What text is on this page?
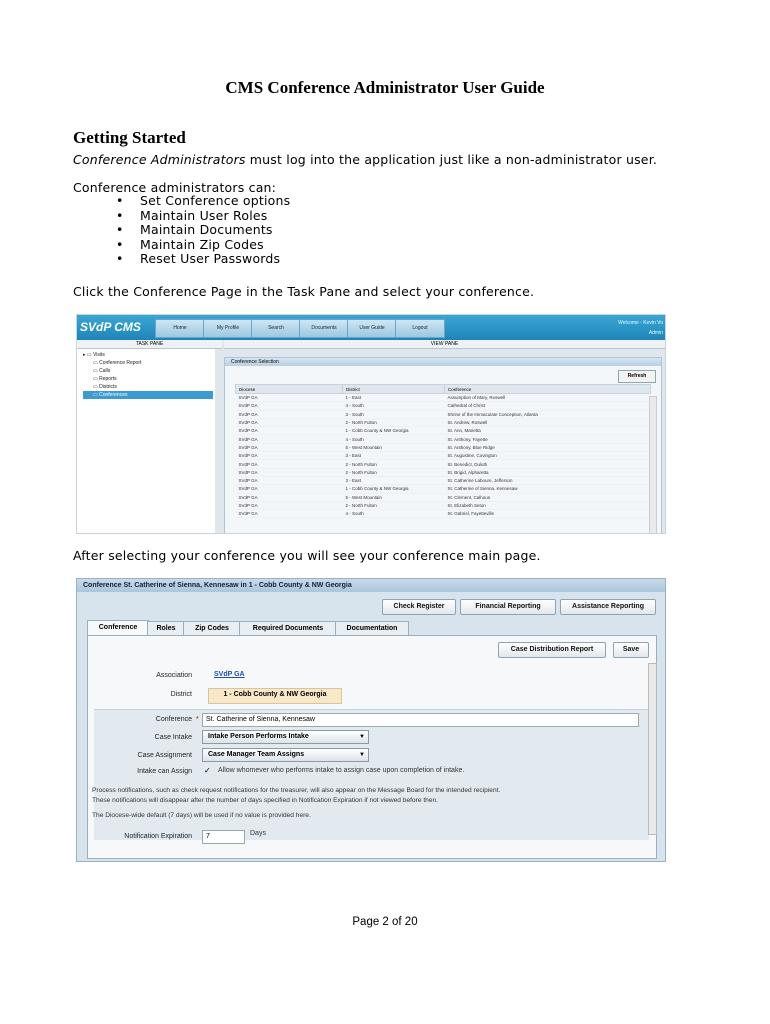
CMS Conference Administrator User Guide
Getting Started
Conference Administrators must log into the application just like a non-administrator user.
Conference administrators can:
• Set Conference options
• Maintain User Roles
• Maintain Documents
• Maintain Zip Codes
• Reset User Passwords
Click the Conference Page in the Task Pane and select your conference.
SVdP CMS	Home	My Profile	Search	Documents	User Guide	Logout
Welcome - Kevin Vo
Admin
TASK PANE	VIEW PANE
▸ ▭ Visits
▭ Conference Report
▭ Calls
▭ Reports
▭ Districts
▭ Conferences
Conference Selection
Refresh
Diocese	District	Conference
SVdP GA	1 - East	Assumption of Mary, Roswell
SVdP GA	4 - South	Cathedral of Christ
SVdP GA	3 - South	Shrine of the Immaculate Conception, Atlanta
SVdP GA	2 - North Fulton	St. Andrew, Roswell
SVdP GA	1 - Cobb County & NW Georgia	St. Ann, Marietta
SVdP GA	4 - South	St. Anthony, Fayette
SVdP GA	5 - West Mountain	St. Anthony, Blue Ridge
SVdP GA	3 - East	St. Augustine, Covington
SVdP GA	2 - North Fulton	St. Benedict, Duluth
SVdP GA	2 - North Fulton	St. Brigid, Alpharetta
SVdP GA	3 - East	St. Catherine Laboure, Jefferson
SVdP GA	1 - Cobb County & NW Georgia	St. Catherine of Sienna, Kennesaw
SVdP GA	5 - West Mountain	St. Clement, Calhoun
SVdP GA	2 - North Fulton	St. Elizabeth Seton
SVdP GA	4 - South	St. Gabriel, Fayetteville
After selecting your conference you will see your conference main page.
Conference St. Catherine of Sienna, Kennesaw in 1 - Cobb County & NW Georgia
Check Register	Financial Reporting	Assistance Reporting
Conference	Roles	Zip Codes	Required Documents	Documentation
Case Distribution Report	Save
Association	SVdP GA
District	1 - Cobb County & NW Georgia
Conference *	St. Catherine of Sienna, Kennesaw
Case Intake	Intake Person Performs Intake	▼
Case Assignment	Case Manager Team Assigns	▼
Intake can Assign ✓ Allow whomever who performs intake to assign case upon completion of intake.
Process notifications, such as check request notifications for the treasurer, will also appear on the Message Board for the intended recipient.
These notifications will disappear after the number of days specified in Notification Expiration if not viewed before then.
The Diocese-wide default (7 days) will be used if no value is provided here.
Notification Expiration	7	Days
Page 2 of 20
